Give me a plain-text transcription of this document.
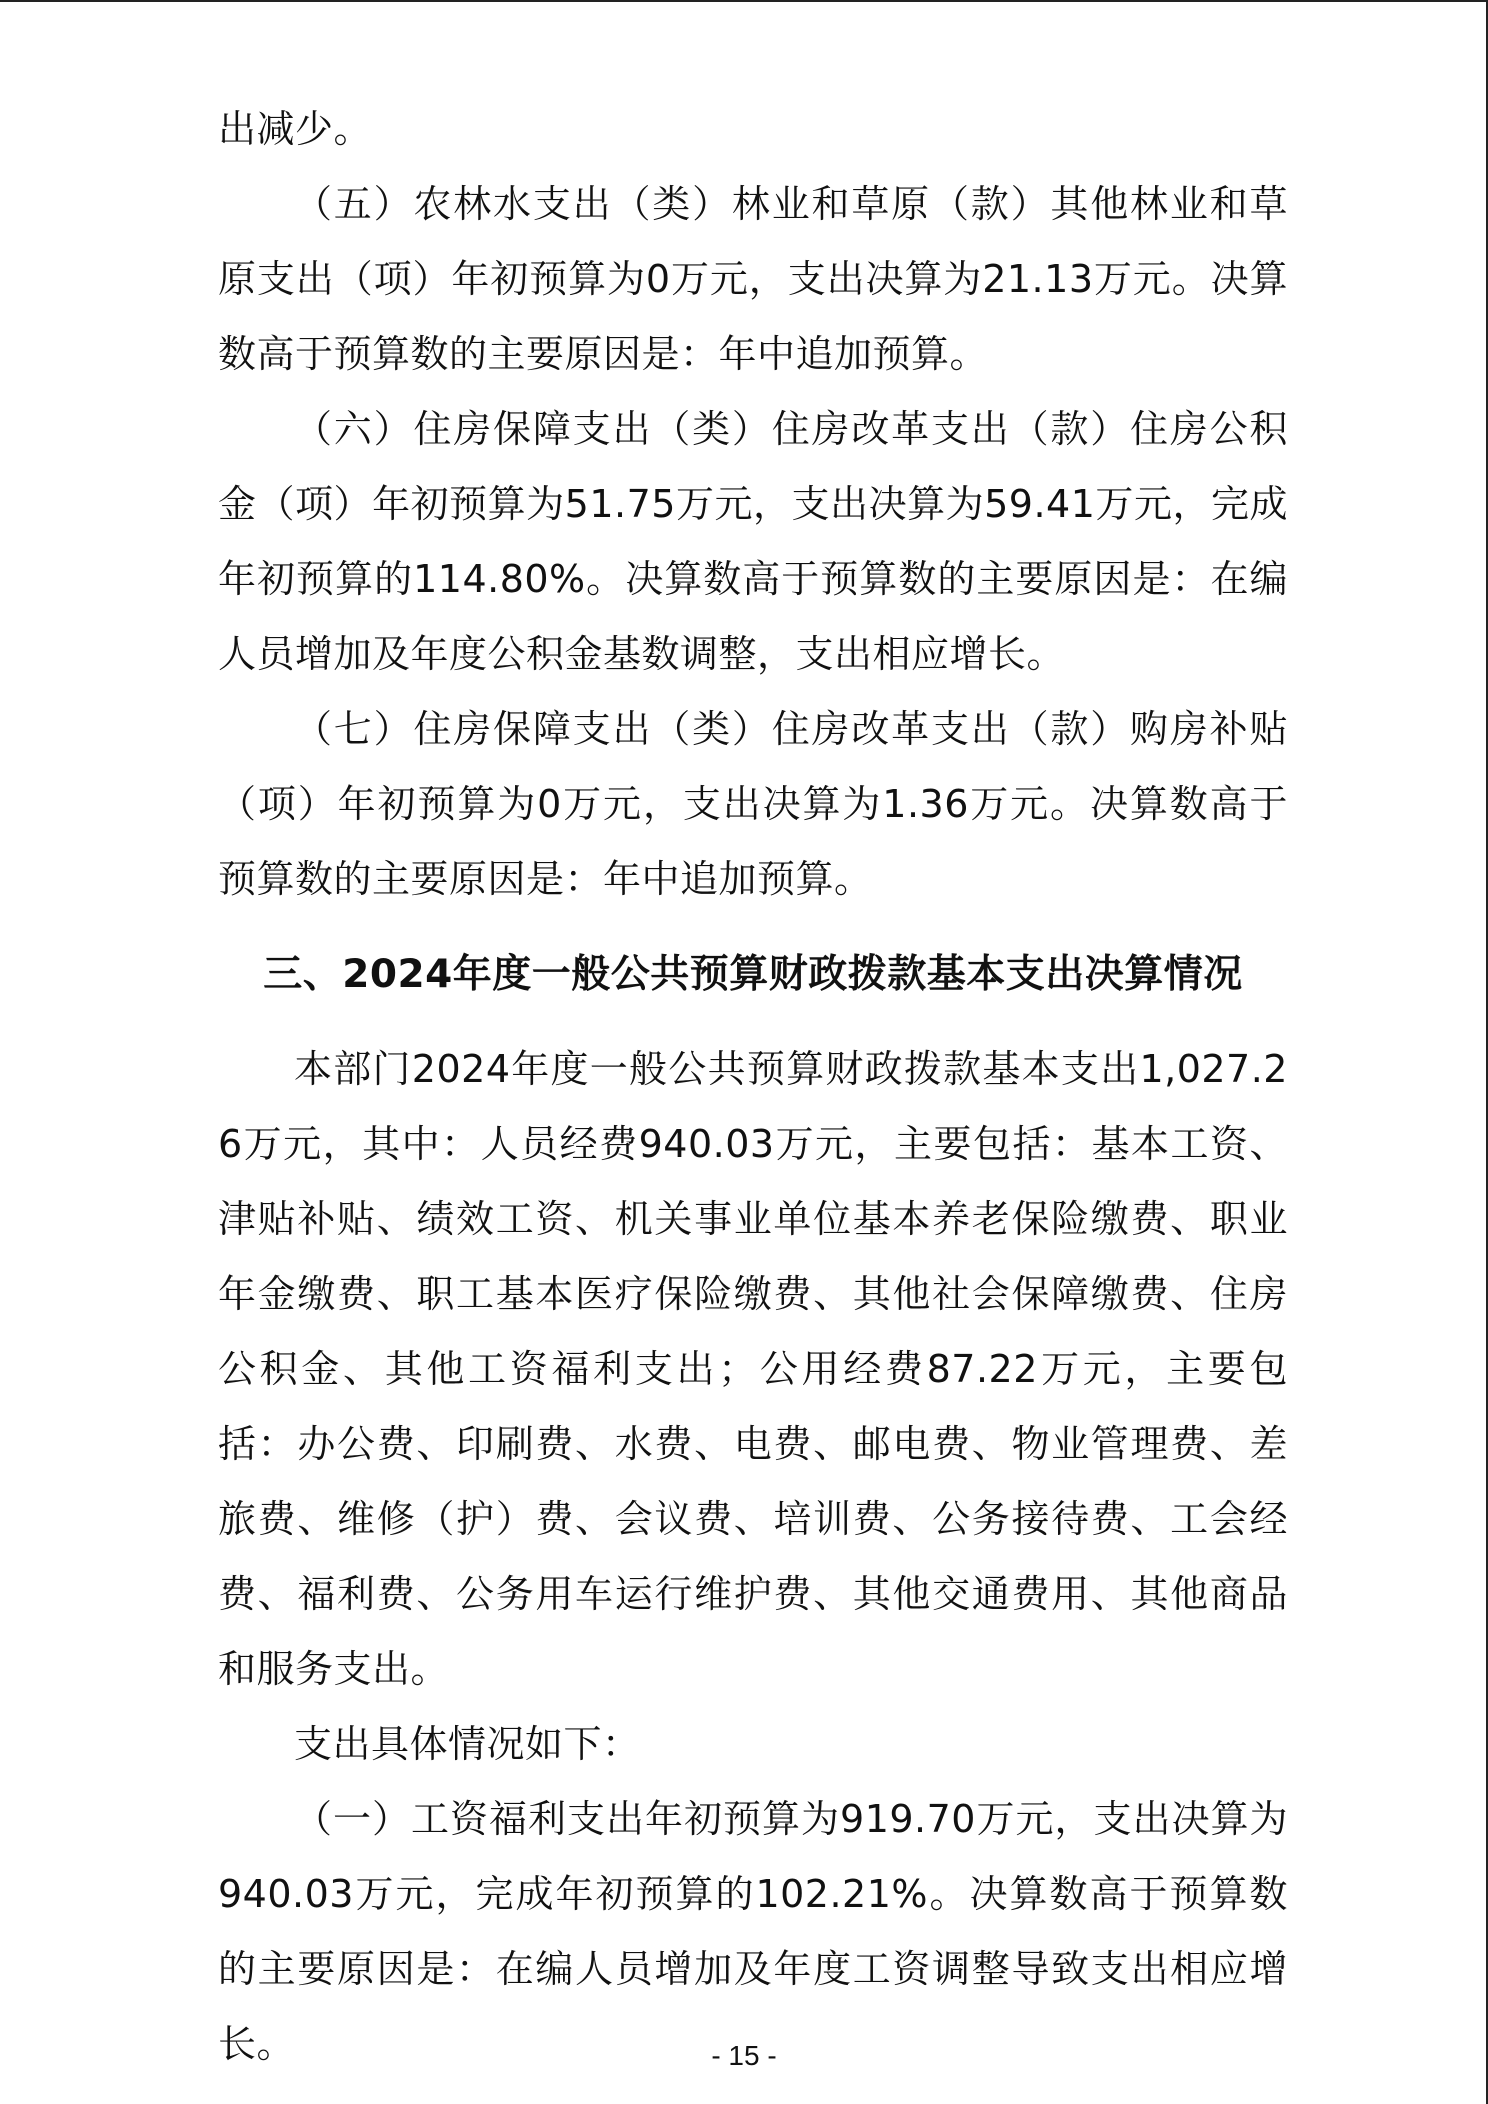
出减少。

（五）农林水支出（类）林业和草原（款）其他林业和草原支出（项）年初预算为0万元，支出决算为21.13万元。决算数高于预算数的主要原因是：年中追加预算。

（六）住房保障支出（类）住房改革支出（款）住房公积金（项）年初预算为51.75万元，支出决算为59.41万元，完成年初预算的114.80%。决算数高于预算数的主要原因是：在编人员增加及年度公积金基数调整，支出相应增长。

（七）住房保障支出（类）住房改革支出（款）购房补贴（项）年初预算为0万元，支出决算为1.36万元。决算数高于预算数的主要原因是：年中追加预算。

三、2024年度一般公共预算财政拨款基本支出决算情况

本部门2024年度一般公共预算财政拨款基本支出1,027.26万元，其中：人员经费940.03万元，主要包括：基本工资、津贴补贴、绩效工资、机关事业单位基本养老保险缴费、职业年金缴费、职工基本医疗保险缴费、其他社会保障缴费、住房公积金、其他工资福利支出；公用经费87.22万元，主要包括：办公费、印刷费、水费、电费、邮电费、物业管理费、差旅费、维修（护）费、会议费、培训费、公务接待费、工会经费、福利费、公务用车运行维护费、其他交通费用、其他商品和服务支出。

支出具体情况如下：

（一）工资福利支出年初预算为919.70万元，支出决算为940.03万元，完成年初预算的102.21%。决算数高于预算数的主要原因是：在编人员增加及年度工资调整导致支出相应增长。	- 15 -
